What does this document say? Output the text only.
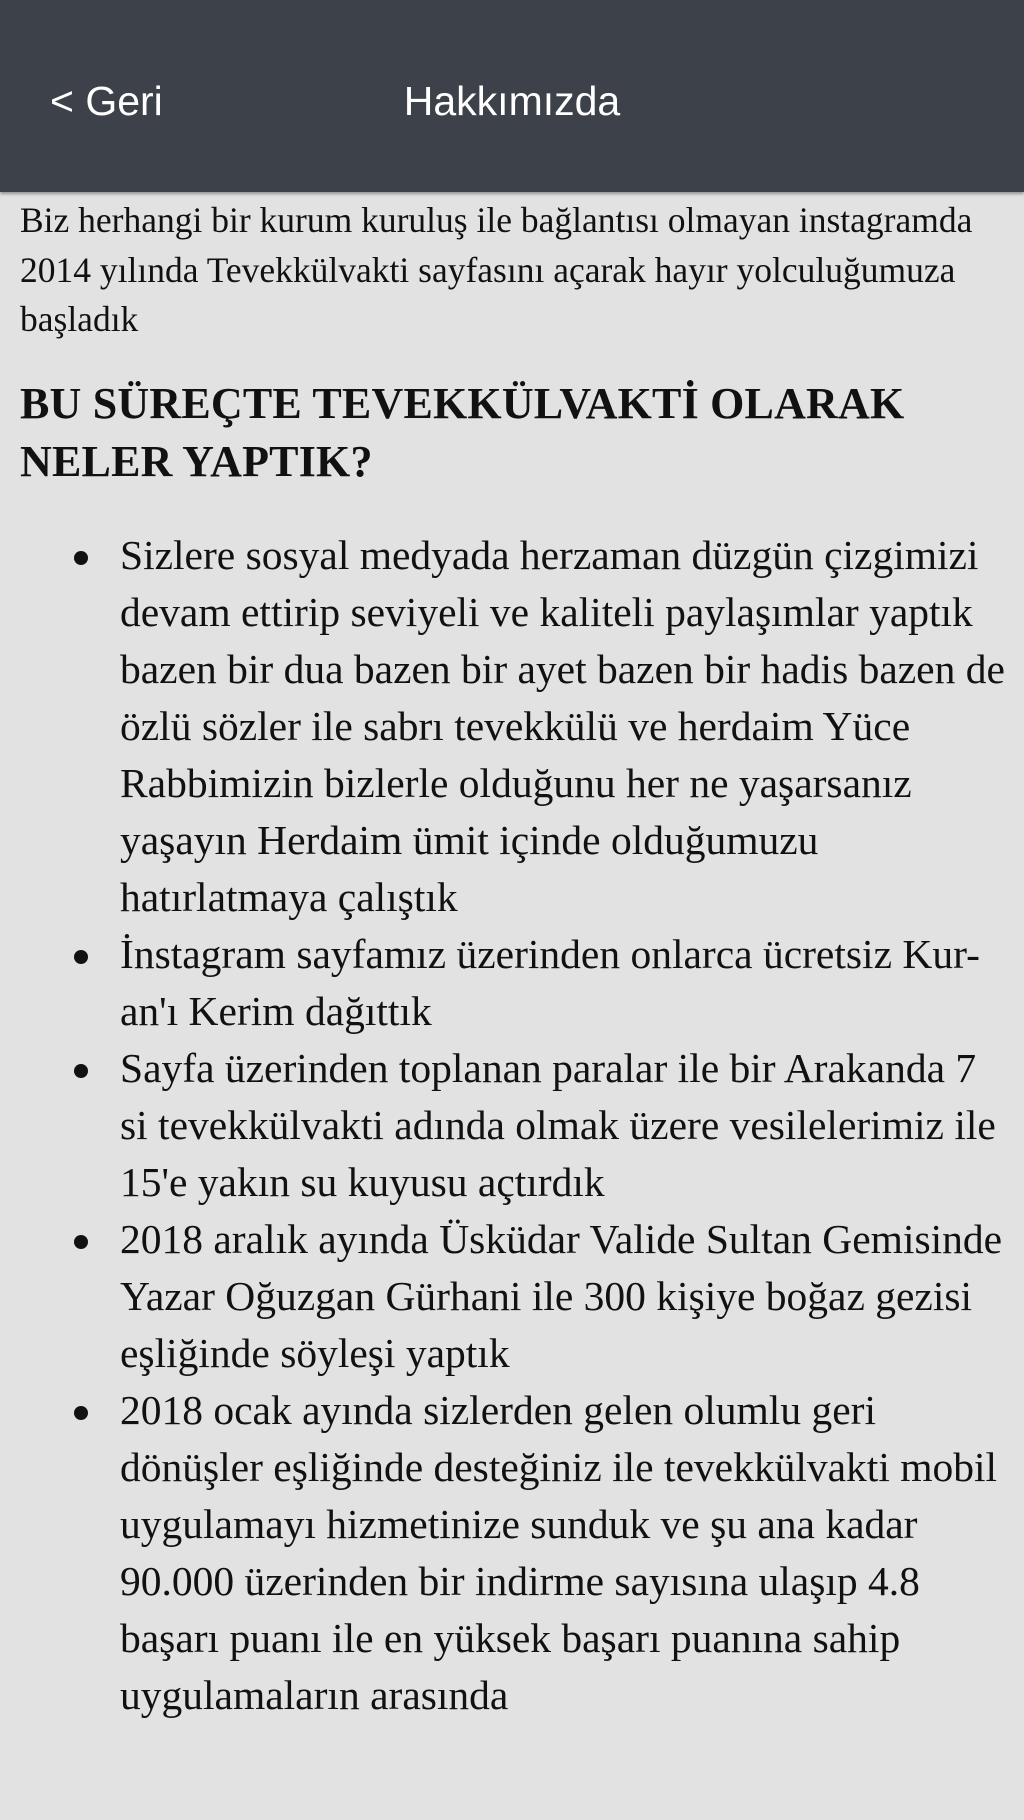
< Geri	Hakkımızda

Biz herhangi bir kurum kuruluş ile bağlantısı olmayan instagramda 2014 yılında Tevekkülvakti sayfasını açarak hayır yolculuğumuza başladık

BU SÜREÇTE TEVEKKÜLVAKTİ OLARAK NELER YAPTIK?
Sizlere sosyal medyada herzaman düzgün çizgimizi devam ettirip seviyeli ve kaliteli paylaşımlar yaptık bazen bir dua bazen bir ayet bazen bir hadis bazen de özlü sözler ile sabrı tevekkülü ve herdaim Yüce Rabbimizin bizlerle olduğunu her ne yaşarsanız yaşayın Herdaim ümit içinde olduğumuzu hatırlatmaya çalıştık
İnstagram sayfamız üzerinden onlarca ücretsiz Kur-an'ı Kerim dağıttık
Sayfa üzerinden toplanan paralar ile bir Arakanda 7 si tevekkülvakti adında olmak üzere vesilelerimiz ile 15'e yakın su kuyusu açtırdık
2018 aralık ayında Üsküdar Valide Sultan Gemisinde Yazar Oğuzgan Gürhani ile 300 kişiye boğaz gezisi eşliğinde söyleşi yaptık
2018 ocak ayında sizlerden gelen olumlu geri dönüşler eşliğinde desteğiniz ile tevekkülvakti mobil uygulamayı hizmetinize sunduk ve şu ana kadar 90.000 üzerinden bir indirme sayısına ulaşıp 4.8 başarı puanı ile en yüksek başarı puanına sahip uygulamaların arasında
